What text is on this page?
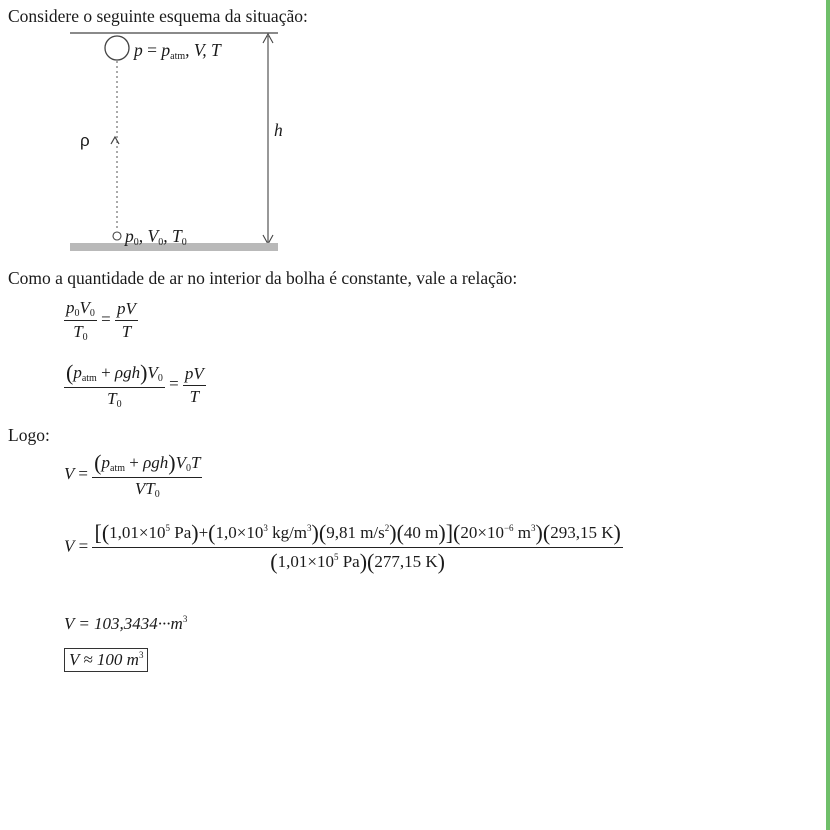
Considere o seguinte esquema da situação:
$p = p_{atm}$, V, T
ρ
h
$p_0$, $V_0$, $T_0$
Como a quantidade de ar no interior da bolha é constante, vale a relação:
$\frac{p_0V_0}{T_0} = \frac{pV}{T}$
$\frac{(p_{atm} + \rho gh)V_0}{T_0} = \frac{pV}{T}$
Logo:
$V = \frac{(p_{atm} + \rho gh)V_0T}{VT_0}$
V =
[($1,01\times 10^5$ $Pa)+(1,0\times 10^3$ $kg/m^3)(9,81$ $m/s^2)(40$ $m)](20\times 10^{-6}$ $m^3)(293,15$ K)
($1,01\times 10^5$ Pa)(277,15 K)
$V = 103,3434\cdot\cdot\cdot m^3$
V ≈ 100 $m^3$
